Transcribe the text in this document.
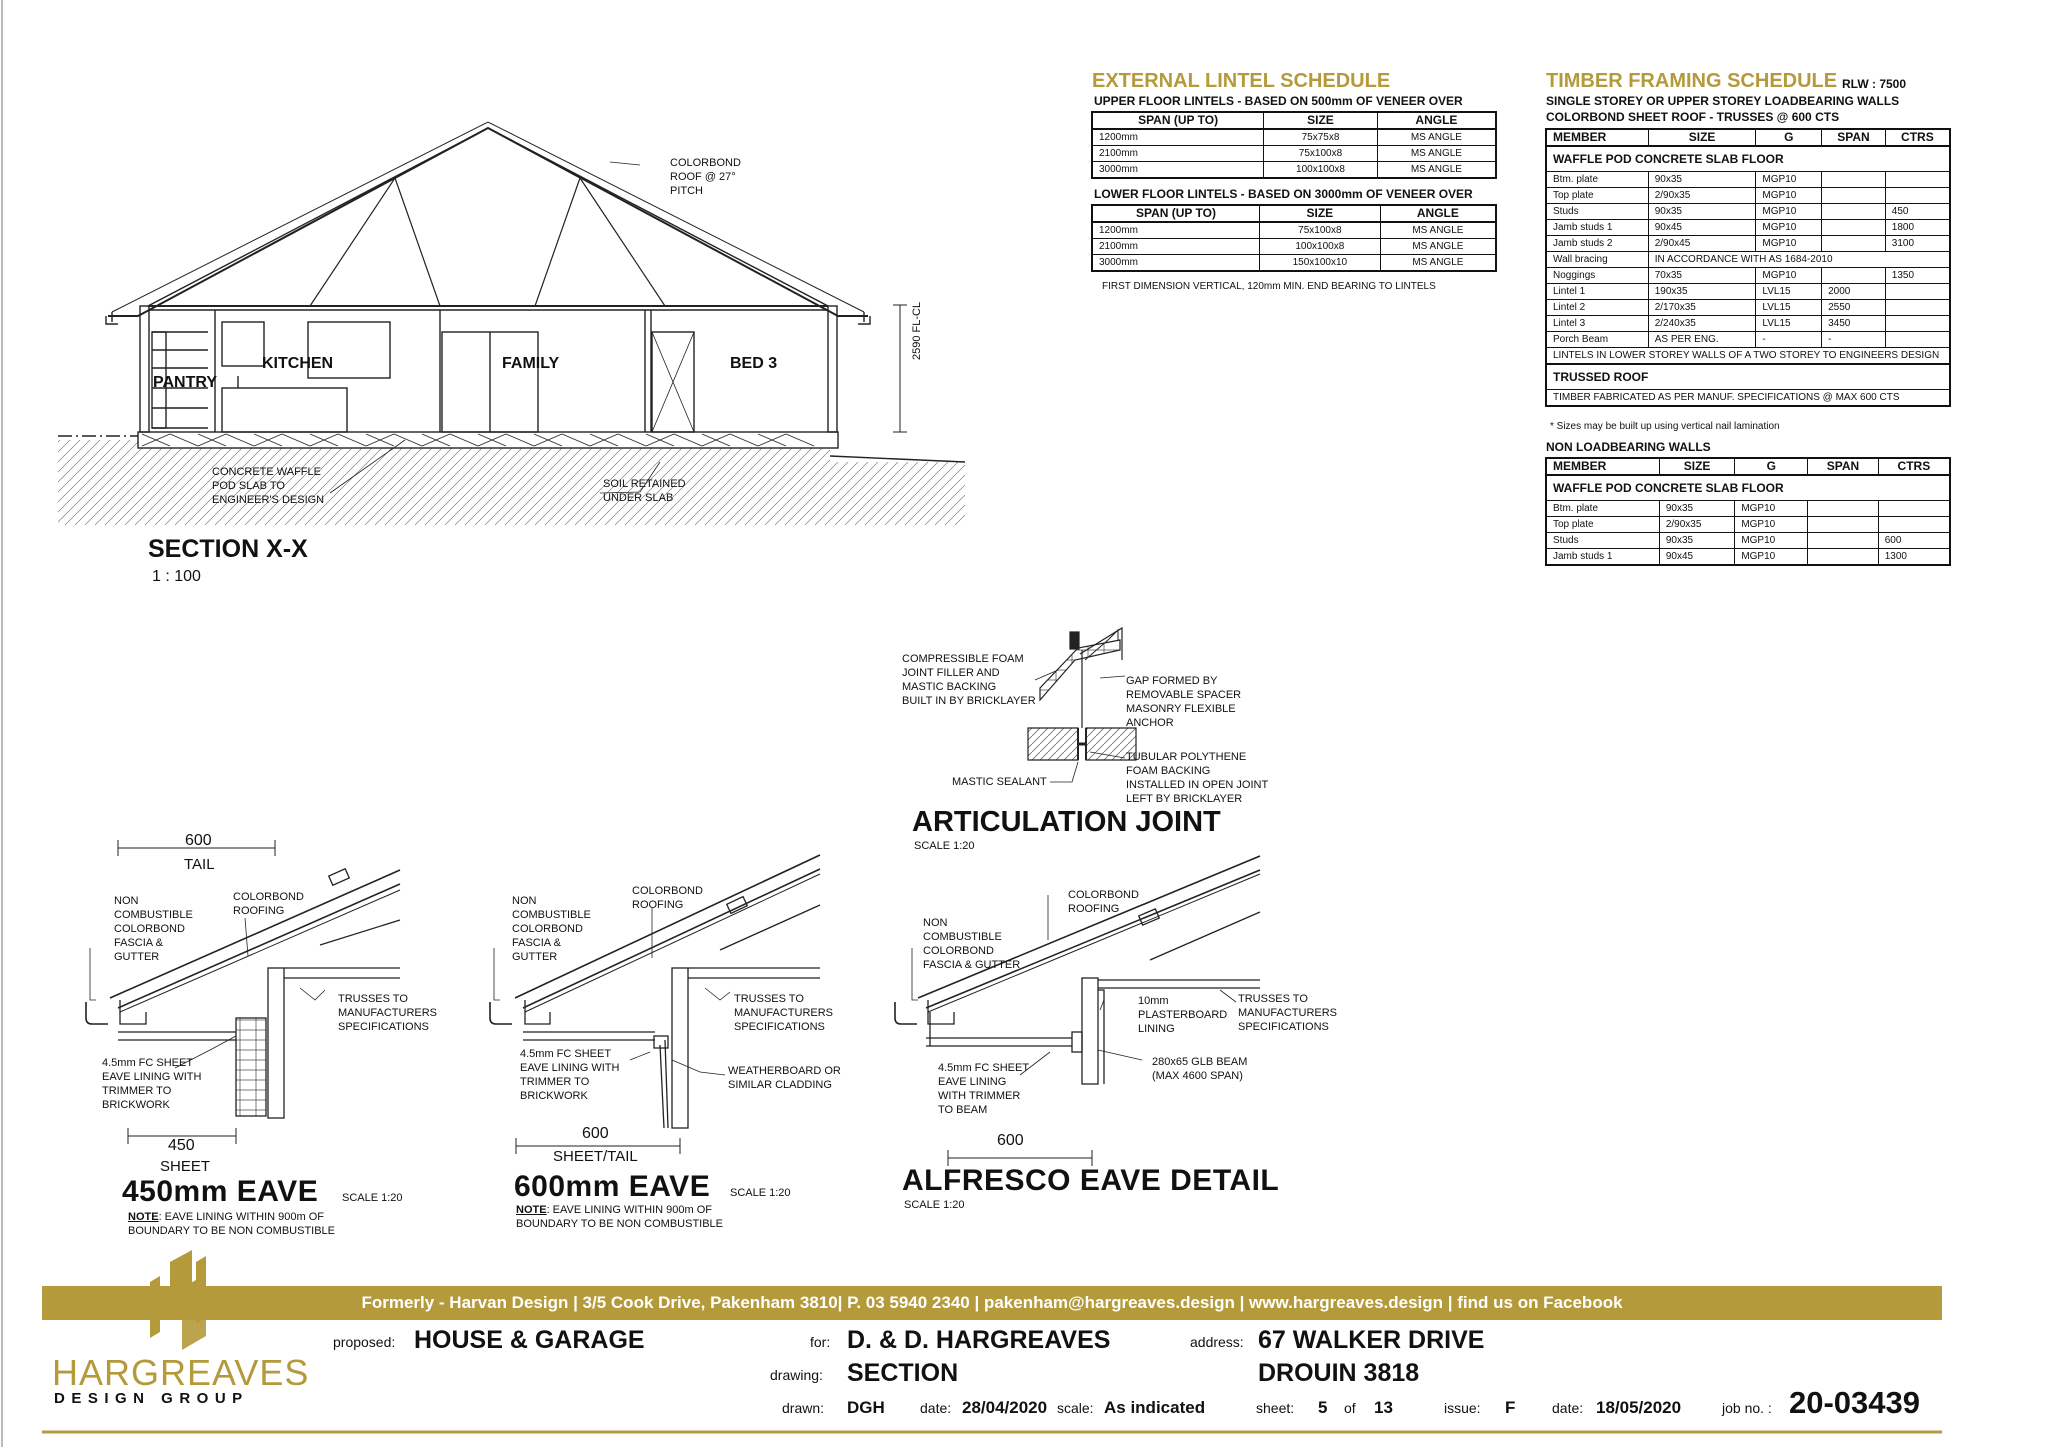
PANTRY
KITCHEN	FAMILY	BED 3
COLORBOND
ROOF @ 27°
PITCH
2590 FL-CL
CONCRETE WAFFLE
POD SLAB TO
ENGINEER'S DESIGN
SOIL RETAINED
UNDER SLAB
SECTION X-X
1 : 100
EXTERNAL LINTEL SCHEDULE
UPPER FLOOR LINTELS - BASED ON 500mm OF VENEER OVER
SPAN (UP TO)	SIZE	ANGLE
1200mm	75x75x8	MS ANGLE
2100mm	75x100x8	MS ANGLE
3000mm	100x100x8	MS ANGLE
LOWER FLOOR LINTELS - BASED ON 3000mm OF VENEER OVER
SPAN (UP TO)	SIZE	ANGLE
1200mm	75x100x8	MS ANGLE
2100mm	100x100x8	MS ANGLE
3000mm	150x100x10	MS ANGLE
FIRST DIMENSION VERTICAL, 120mm MIN. END BEARING TO LINTELS
TIMBER FRAMING SCHEDULE RLW : 7500
SINGLE STOREY OR UPPER STOREY LOADBEARING WALLS
COLORBOND SHEET ROOF - TRUSSES @ 600 CTS
MEMBER	SIZE	G	SPAN	CTRS
WAFFLE POD CONCRETE SLAB FLOOR				
Btm. plate	90x35	MGP10		
Top plate	2/90x35	MGP10		
Studs	90x35	MGP10		450
Jamb studs 1	90x45	MGP10		1800
Jamb studs 2	2/90x45	MGP10		3100
Wall bracing	IN ACCORDANCE WITH AS 1684-2010			
Noggings	70x35	MGP10		1350
Lintel 1	190x35	LVL15	2000	
Lintel 2	2/170x35	LVL15	2550	
Lintel 3	2/240x35	LVL15	3450	
Porch Beam	AS PER ENG.	-	-	
LINTELS IN LOWER STOREY WALLS OF A TWO STOREY TO ENGINEERS DESIGN				
TRUSSED ROOF				
TIMBER FABRICATED AS PER MANUF. SPECIFICATIONS @ MAX 600 CTS				
* Sizes may be built up using vertical nail lamination
NON LOADBEARING WALLS
MEMBER	SIZE	G	SPAN	CTRS
WAFFLE POD CONCRETE SLAB FLOOR				
Btm. plate	90x35	MGP10		
Top plate	2/90x35	MGP10		
Studs	90x35	MGP10		600
Jamb studs 1	90x45	MGP10		1300
COMPRESSIBLE FOAM
JOINT FILLER AND
MASTIC BACKING
BUILT IN BY BRICKLAYER
GAP FORMED BY
REMOVABLE SPACER
MASONRY FLEXIBLE
ANCHOR
TUBULAR POLYTHENE
FOAM BACKING
INSTALLED IN OPEN JOINT
LEFT BY BRICKLAYER
MASTIC SEALANT
ARTICULATION JOINT
SCALE 1:20
600
TAIL
NON
COMBUSTIBLE
COLORBOND
FASCIA &
GUTTER
COLORBOND
ROOFING
TRUSSES TO
MANUFACTURERS
SPECIFICATIONS
4.5mm FC SHEET
EAVE LINING WITH
TRIMMER TO
BRICKWORK
450
SHEET
450mm EAVE SCALE 1:20
NOTE: EAVE LINING WITHIN 900m OF
BOUNDARY TO BE NON COMBUSTIBLE
NON
COMBUSTIBLE
COLORBOND
FASCIA &
GUTTER
COLORBOND
ROOFING
TRUSSES TO
MANUFACTURERS
SPECIFICATIONS
4.5mm FC SHEET
EAVE LINING WITH
TRIMMER TO
BRICKWORK
WEATHERBOARD OR
SIMILAR CLADDING
600
SHEET/TAIL
600mm EAVE SCALE 1:20
NOTE: EAVE LINING WITHIN 900m OF
BOUNDARY TO BE NON COMBUSTIBLE
NON
COMBUSTIBLE
COLORBOND
FASCIA & GUTTER
COLORBOND
ROOFING
10mm
PLASTERBOARD
LINING
TRUSSES TO
MANUFACTURERS
SPECIFICATIONS
4.5mm FC SHEET
EAVE LINING
WITH TRIMMER
TO BEAM
280x65 GLB BEAM
(MAX 4600 SPAN)
600
ALFRESCO EAVE DETAIL
SCALE 1:20
Formerly - Harvan Design | 3/5 Cook Drive, Pakenham 3810| P. 03 5940 2340 | pakenham@hargreaves.design | www.hargreaves.design | find us on Facebook
HARGREAVES
DESIGN GROUP
proposed: HOUSE & GARAGE	for: D. & D. HARGREAVES	address: 67 WALKER DRIVE
DROUIN 3818
drawing: SECTION
drawn: DGH	date: 28/04/2020 scale: As indicated	sheet: 5 of 13	issue: F	date: 18/05/2020	job no. : 20-03439
